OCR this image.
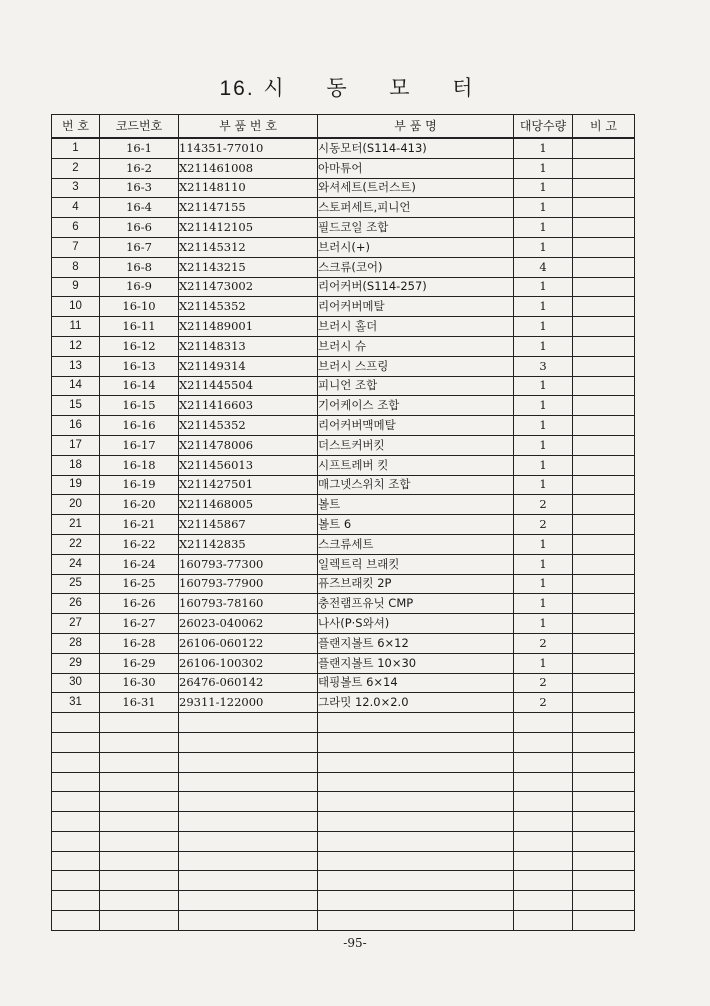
16. 시 동 모 터
번 호	코드번호	부 품 번 호	부 품 명	대당수량	비 고
1	16-1	114351-77010	시동모터(S114-413)	1	
2	16-2	X211461008	아마튜어	1	
3	16-3	X21148110	와셔세트(트러스트)	1	
4	16-4	X21147155	스토퍼세트,피니언	1	
6	16-6	X211412105	필드코일 조합	1	
7	16-7	X21145312	브러시(+)	1	
8	16-8	X21143215	스크류(코어)	4	
9	16-9	X211473002	리어커버(S114-257)	1	
10	16-10	X21145352	리어커버메탈	1	
11	16-11	X211489001	브러시 홀더	1	
12	16-12	X21148313	브러시 슈	1	
13	16-13	X21149314	브러시 스프링	3	
14	16-14	X211445504	피니언 조합	1	
15	16-15	X211416603	기어케이스 조합	1	
16	16-16	X21145352	리어커버맥메탈	1	
17	16-17	X211478006	더스트커버킷	1	
18	16-18	X211456013	시프트레버 킷	1	
19	16-19	X211427501	매그넷스위치 조합	1	
20	16-20	X211468005	볼트	2	
21	16-21	X21145867	볼트 6	2	
22	16-22	X21142835	스크류세트	1	
24	16-24	160793-77300	일렉트릭 브래킷	1	
25	16-25	160793-77900	퓨즈브래킷 2P	1	
26	16-26	160793-78160	충전램프유닛 CMP	1	
27	16-27	26023-040062	나사(P·S와셔)	1	
28	16-28	26106-060122	플랜지볼트 6×12	2	
29	16-29	26106-100302	플랜지볼트 10×30	1	
30	16-30	26476-060142	태핑볼트 6×14	2	
31	16-31	29311-122000	그라밋 12.0×2.0	2	

-95-
